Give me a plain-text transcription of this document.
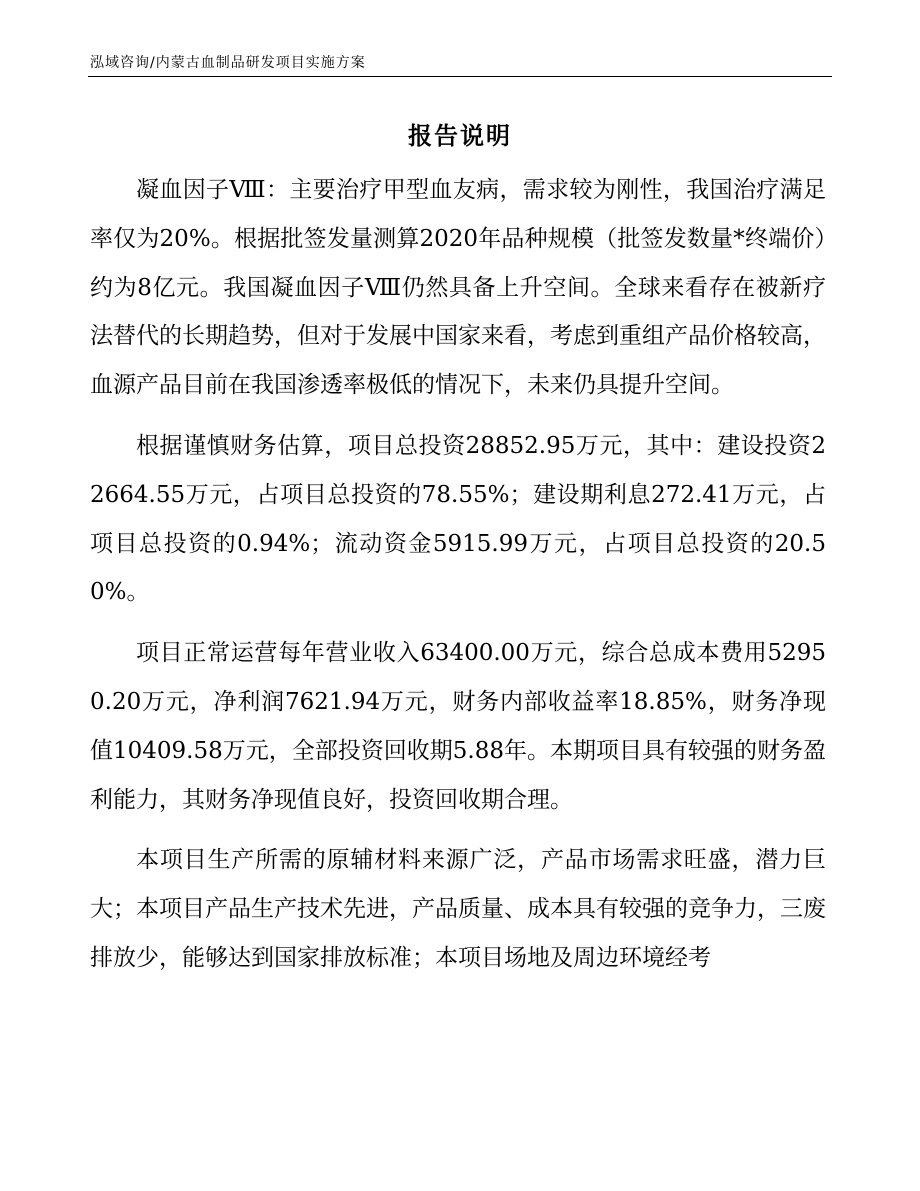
泓域咨询/内蒙古血制品研发项目实施方案
报告说明

凝血因子Ⅷ：主要治疗甲型血友病，需求较为刚性，我国治疗满足率仅为20%。根据批签发量测算2020年品种规模（批签发数量*终端价）约为8亿元。我国凝血因子Ⅷ仍然具备上升空间。全球来看存在被新疗法替代的长期趋势，但对于发展中国家来看，考虑到重组产品价格较高，血源产品目前在我国渗透率极低的情况下，未来仍具提升空间。

根据谨慎财务估算，项目总投资28852.95万元，其中：建设投资22664.55万元，占项目总投资的78.55%；建设期利息272.41万元，占项目总投资的0.94%；流动资金5915.99万元，占项目总投资的20.50%。

项目正常运营每年营业收入63400.00万元，综合总成本费用52950.20万元，净利润7621.94万元，财务内部收益率18.85%，财务净现值10409.58万元，全部投资回收期5.88年。本期项目具有较强的财务盈利能力，其财务净现值良好，投资回收期合理。

本项目生产所需的原辅材料来源广泛，产品市场需求旺盛，潜力巨大；本项目产品生产技术先进，产品质量、成本具有较强的竞争力，三废排放少，能够达到国家排放标准；本项目场地及周边环境经考
